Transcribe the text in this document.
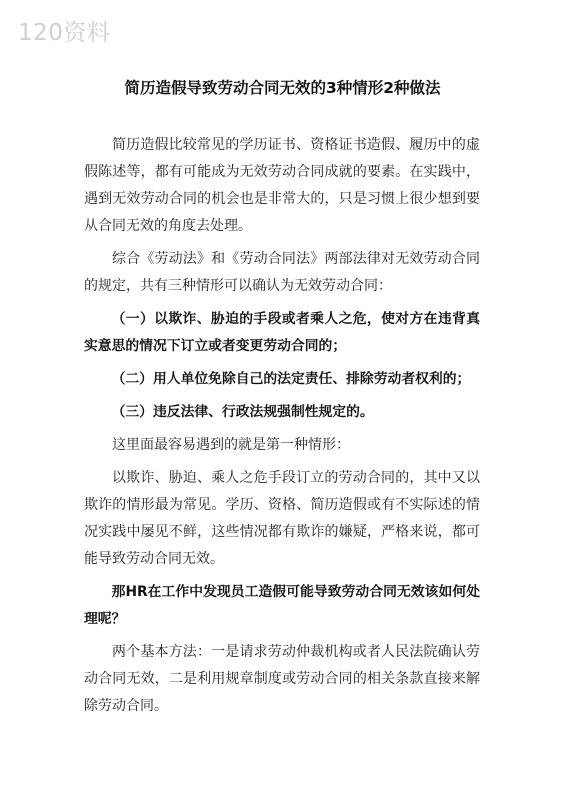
120资料
简历造假导致劳动合同无效的3种情形2种做法

简历造假比较常见的学历证书、资格证书造假、履历中的虚假陈述等，都有可能成为无效劳动合同成就的要素。在实践中，遇到无效劳动合同的机会也是非常大的，只是习惯上很少想到要从合同无效的角度去处理。

综合《劳动法》和《劳动合同法》两部法律对无效劳动合同的规定，共有三种情形可以确认为无效劳动合同：

（一）以欺诈、胁迫的手段或者乘人之危，使对方在违背真实意思的情况下订立或者变更劳动合同的；

（二）用人单位免除自己的法定责任、排除劳动者权利的；

（三）违反法律、行政法规强制性规定的。

这里面最容易遇到的就是第一种情形：

以欺诈、胁迫、乘人之危手段订立的劳动合同的，其中又以欺诈的情形最为常见。学历、资格、简历造假或有不实际述的情况实践中屡见不鲜，这些情况都有欺诈的嫌疑，严格来说，都可能导致劳动合同无效。

那HR在工作中发现员工造假可能导致劳动合同无效该如何处理呢？

两个基本方法：一是请求劳动仲裁机构或者人民法院确认劳动合同无效，二是利用规章制度或劳动合同的相关条款直接来解除劳动合同。
